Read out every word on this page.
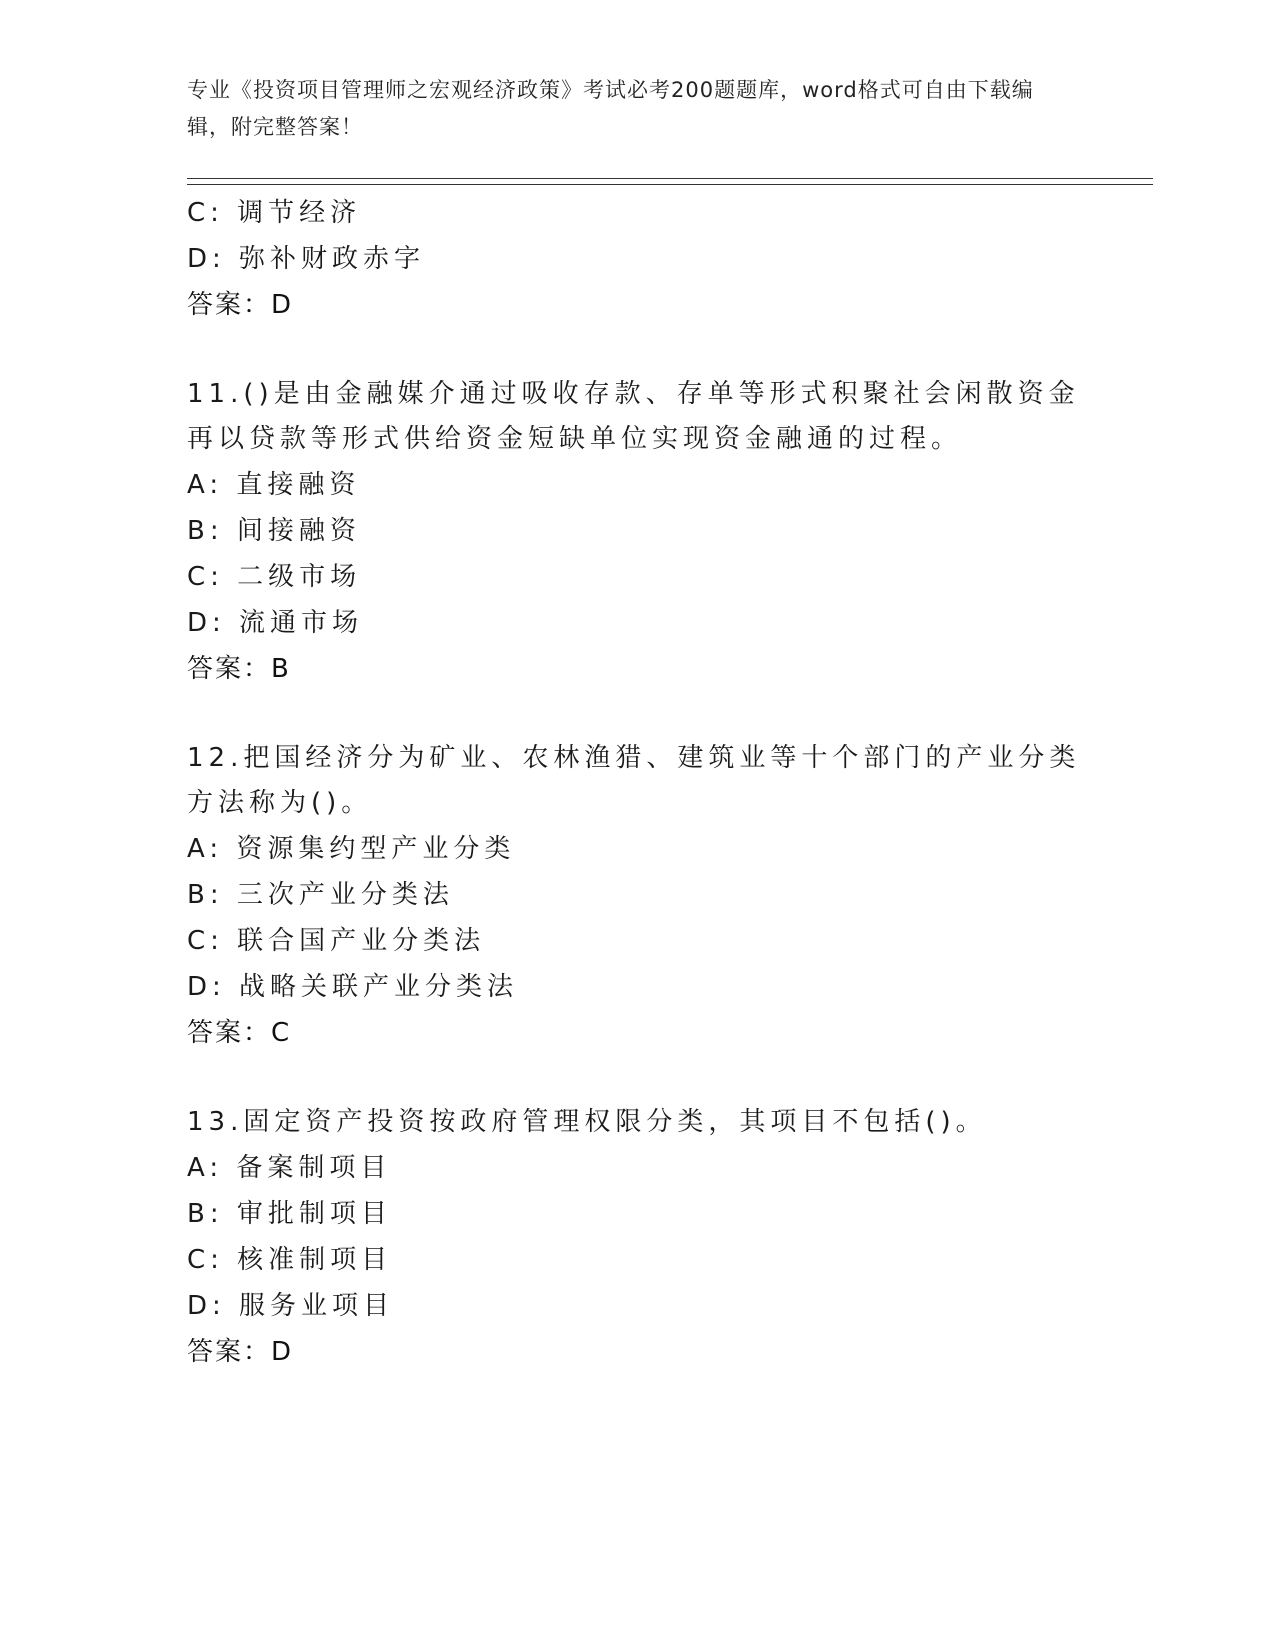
专业《投资项目管理师之宏观经济政策》考试必考200题题库，word格式可自由下载编辑，附完整答案！
C: 调节经济
D: 弥补财政赤字
答案：D
11.()是由金融媒介通过吸收存款、存单等形式积聚社会闲散资金再以贷款等形式供给资金短缺单位实现资金融通的过程。
A: 直接融资
B: 间接融资
C: 二级市场
D: 流通市场
答案：B
12.把国经济分为矿业、农林渔猎、建筑业等十个部门的产业分类方法称为()。
A: 资源集约型产业分类
B: 三次产业分类法
C: 联合国产业分类法
D: 战略关联产业分类法
答案：C
13.固定资产投资按政府管理权限分类，其项目不包括()。
A: 备案制项目
B: 审批制项目
C: 核准制项目
D: 服务业项目
答案：D
